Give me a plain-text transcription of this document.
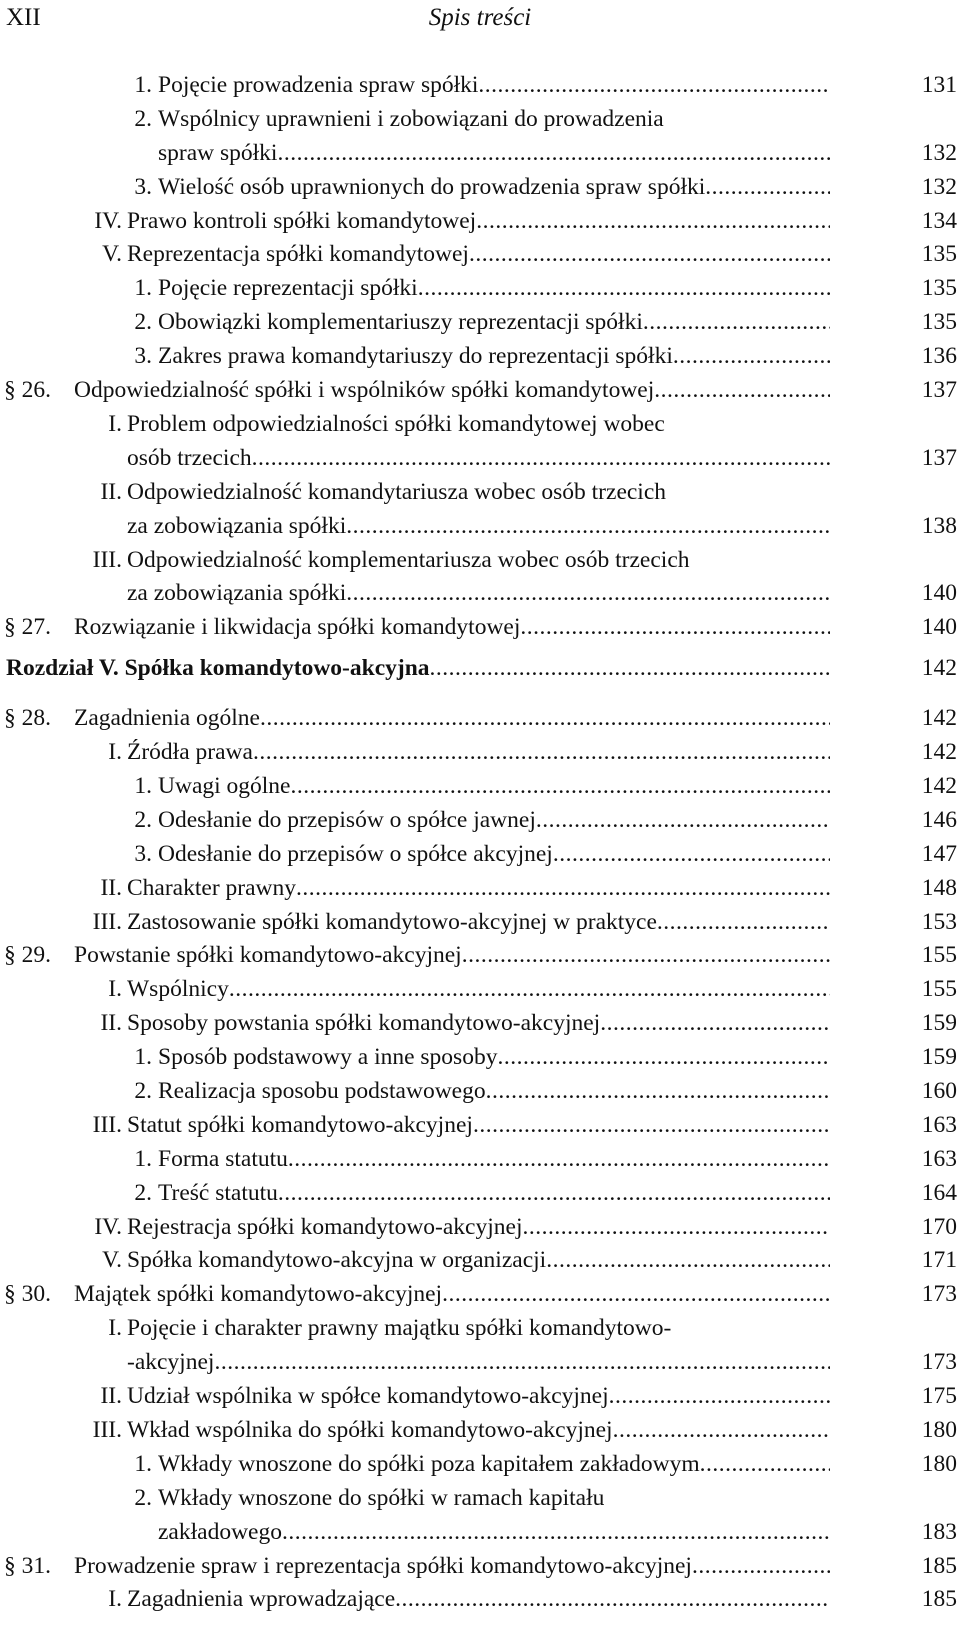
XII	Spis treści
1. Pojęcie prowadzenia spraw spółki .....	131
2. Wspólnicy uprawnieni i zobowiązani do prowadzenia
spraw spółki .....	132
3. Wielość osób uprawnionych do prowadzenia spraw spółki .....	132
IV. Prawo kontroli spółki komandytowej .....	134
V. Reprezentacja spółki komandytowej .....	135
1. Pojęcie reprezentacji spółki .....	135
2. Obowiązki komplementariuszy reprezentacji spółki .....	135
3. Zakres prawa komandytariuszy do reprezentacji spółki .....	136
§ 26. Odpowiedzialność spółki i wspólników spółki komandytowej .....	137
I. Problem odpowiedzialności spółki komandytowej wobec
osób trzecich .....	137
II. Odpowiedzialność komandytariusza wobec osób trzecich
za zobowiązania spółki .....	138
III. Odpowiedzialność komplementariusza wobec osób trzecich
za zobowiązania spółki .....	140
§ 27. Rozwiązanie i likwidacja spółki komandytowej .....	140
Rozdział V. Spółka komandytowo-akcyjna .....	142
§ 28. Zagadnienia ogólne .....	142
I. Źródła prawa .....	142
1. Uwagi ogólne .....	142
2. Odesłanie do przepisów o spółce jawnej .....	146
3. Odesłanie do przepisów o spółce akcyjnej .....	147
II. Charakter prawny .....	148
III. Zastosowanie spółki komandytowo-akcyjnej w praktyce .....	153
§ 29. Powstanie spółki komandytowo-akcyjnej .....	155
I. Wspólnicy .....	155
II. Sposoby powstania spółki komandytowo-akcyjnej .....	159
1. Sposób podstawowy a inne sposoby .....	159
2. Realizacja sposobu podstawowego .....	160
III. Statut spółki komandytowo-akcyjnej .....	163
1. Forma statutu .....	163
2. Treść statutu .....	164
IV. Rejestracja spółki komandytowo-akcyjnej .....	170
V. Spółka komandytowo-akcyjna w organizacji .....	171
§ 30. Majątek spółki komandytowo-akcyjnej .....	173
I. Pojęcie i charakter prawny majątku spółki komandytowo-
-akcyjnej .....	173
II. Udział wspólnika w spółce komandytowo-akcyjnej .....	175
III. Wkład wspólnika do spółki komandytowo-akcyjnej .....	180
1. Wkłady wnoszone do spółki poza kapitałem zakładowym .....	180
2. Wkłady wnoszone do spółki w ramach kapitału
zakładowego .....	183
§ 31. Prowadzenie spraw i reprezentacja spółki komandytowo-akcyjnej .....	185
I. Zagadnienia wprowadzające .....	185
